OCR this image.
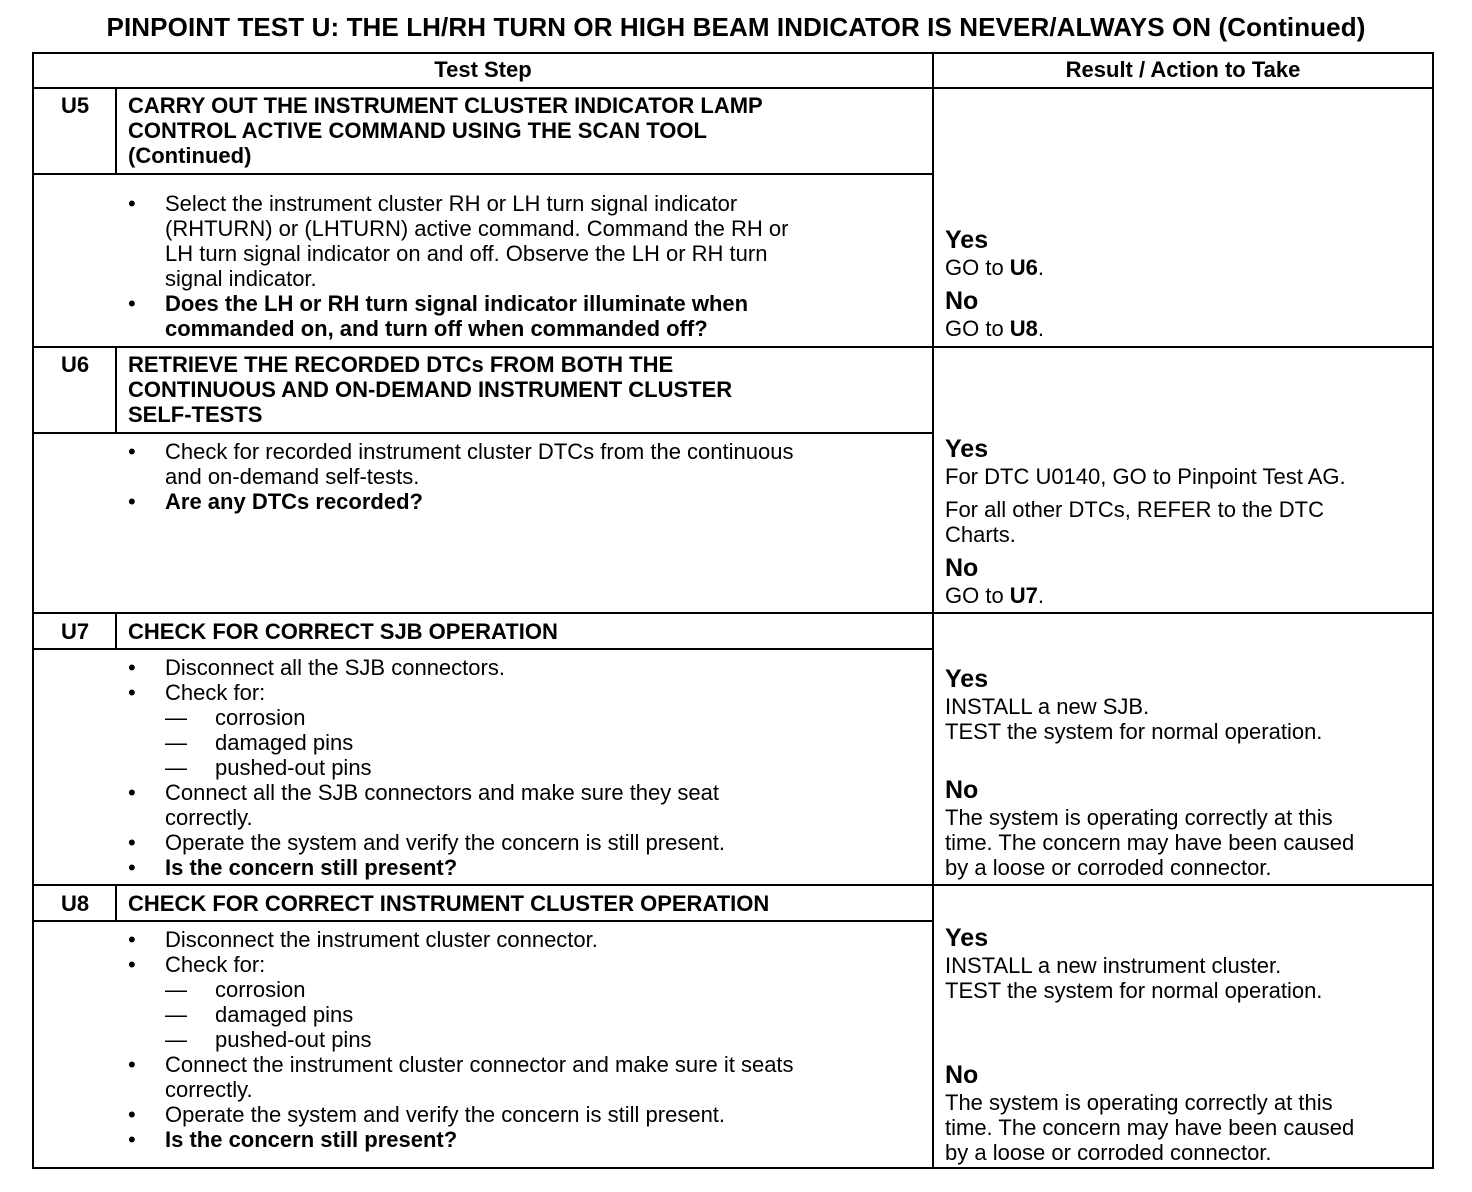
PINPOINT TEST U: THE LH/RH TURN OR HIGH BEAM INDICATOR IS NEVER/ALWAYS ON (Continued)
Test Step	Result / Action to Take
U5	CARRY OUT THE INSTRUMENT CLUSTER INDICATOR LAMP
CONTROL ACTIVE COMMAND USING THE SCAN TOOL
(Continued)
• Select the instrument cluster RH or LH turn signal indicator
(RHTURN) or (LHTURN) active command. Command the RH or
LH turn signal indicator on and off. Observe the LH or RH turn
signal indicator.
• Does the LH or RH turn signal indicator illuminate when
commanded on, and turn off when commanded off?
Yes
GO to U6.
No
GO to U8.
U6	RETRIEVE THE RECORDED DTCs FROM BOTH THE
CONTINUOUS AND ON-DEMAND INSTRUMENT CLUSTER
SELF-TESTS
• Check for recorded instrument cluster DTCs from the continuous
and on-demand self-tests.
• Are any DTCs recorded?
Yes
For DTC U0140, GO to Pinpoint Test AG.
For all other DTCs, REFER to the DTC
Charts.
No
GO to U7.
U7	CHECK FOR CORRECT SJB OPERATION
• Disconnect all the SJB connectors.
• Check for:
— corrosion
— damaged pins
— pushed-out pins
• Connect all the SJB connectors and make sure they seat
correctly.
• Operate the system and verify the concern is still present.
• Is the concern still present?
Yes
INSTALL a new SJB.
TEST the system for normal operation.
No
The system is operating correctly at this
time. The concern may have been caused
by a loose or corroded connector.
U8	CHECK FOR CORRECT INSTRUMENT CLUSTER OPERATION
• Disconnect the instrument cluster connector.
• Check for:
— corrosion
— damaged pins
— pushed-out pins
• Connect the instrument cluster connector and make sure it seats
correctly.
• Operate the system and verify the concern is still present.
• Is the concern still present?
Yes
INSTALL a new instrument cluster.
TEST the system for normal operation.
No
The system is operating correctly at this
time. The concern may have been caused
by a loose or corroded connector.
